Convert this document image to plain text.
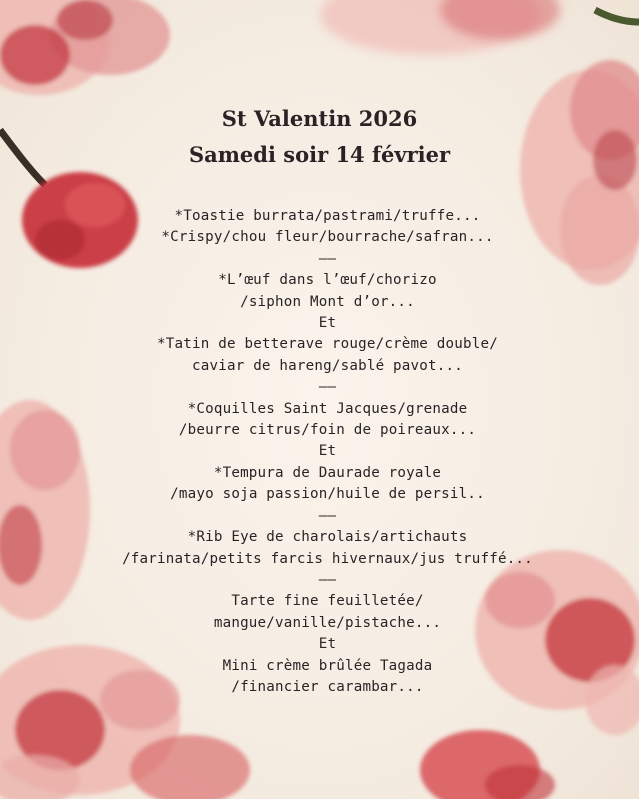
St Valentin 2026
Samedi soir 14 février
*Toastie burrata/pastrami/truffe...
*Crispy/chou fleur/bourrache/safran...
——
*L’œuf dans l’œuf/chorizo
/siphon Mont d’or...
Et
*Tatin de betterave rouge/crème double/
caviar de hareng/sablé pavot...
——
*Coquilles Saint Jacques/grenade
/beurre citrus/foin de poireaux...
Et
*Tempura de Daurade royale
/mayo soja passion/huile de persil..
——
*Rib Eye de charolais/artichauts
/farinata/petits farcis hivernaux/jus truffé...
——
Tarte fine feuilletée/
mangue/vanille/pistache...
Et
Mini crème brûlée Tagada
/financier carambar...
